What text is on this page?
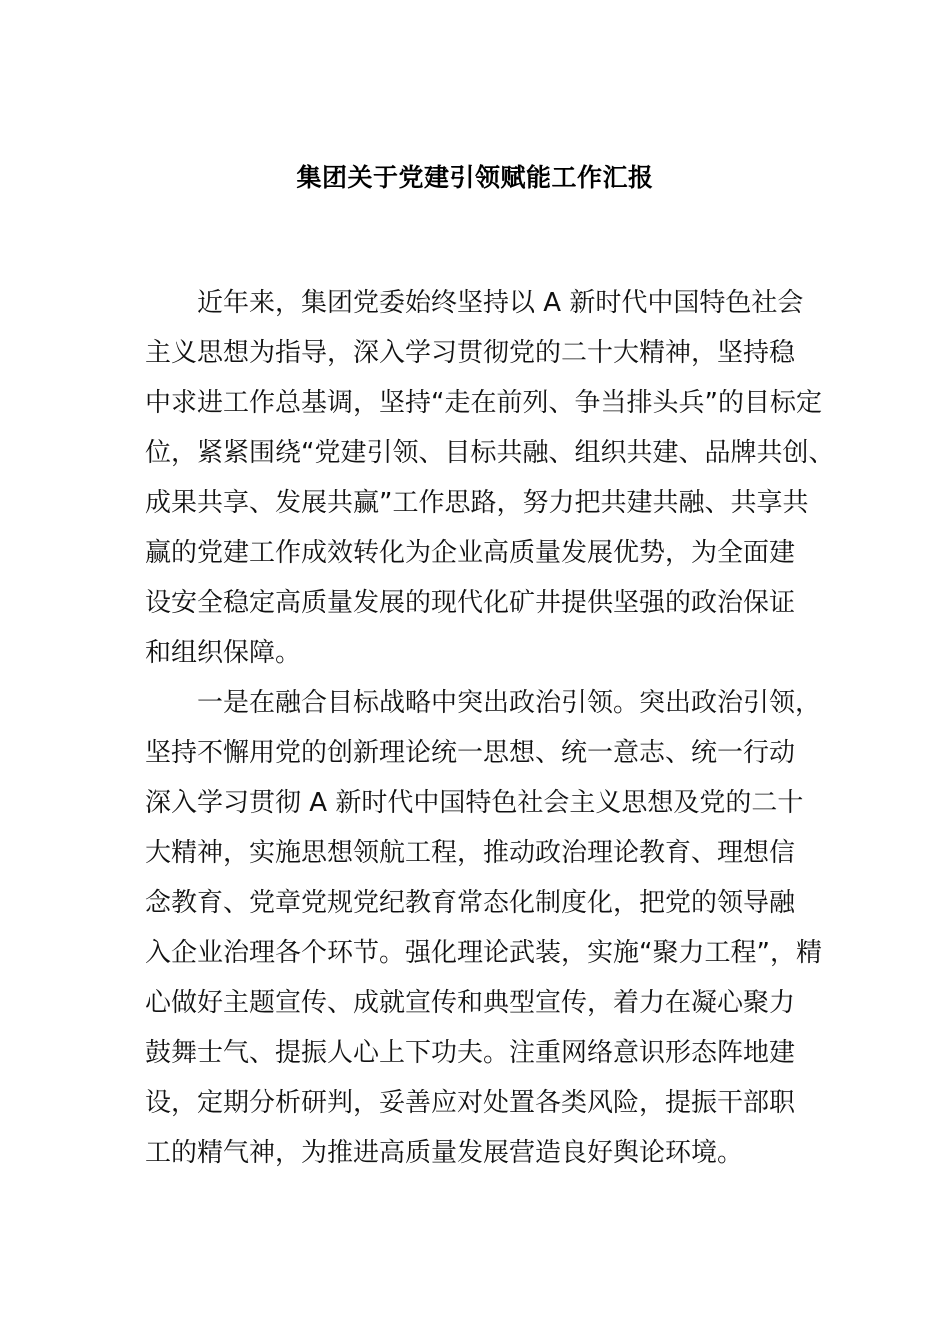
集团关于党建引领赋能工作汇报
近年来，集团党委始终坚持以 A 新时代中国特色社会
主义思想为指导，深入学习贯彻党的二十大精神，坚持稳
中求进工作总基调，坚持“走在前列、争当排头兵”的目标定
位，紧紧围绕“党建引领、目标共融、组织共建、品牌共创、
成果共享、发展共赢”工作思路，努力把共建共融、共享共
赢的党建工作成效转化为企业高质量发展优势，为全面建
设安全稳定高质量发展的现代化矿井提供坚强的政治保证
和组织保障。
一是在融合目标战略中突出政治引领。突出政治引领，
坚持不懈用党的创新理论统一思想、统一意志、统一行动
深入学习贯彻 A 新时代中国特色社会主义思想及党的二十
大精神，实施思想领航工程，推动政治理论教育、理想信
念教育、党章党规党纪教育常态化制度化，把党的领导融
入企业治理各个环节。强化理论武装，实施“聚力工程”，精
心做好主题宣传、成就宣传和典型宣传，着力在凝心聚力
鼓舞士气、提振人心上下功夫。注重网络意识形态阵地建
设，定期分析研判，妥善应对处置各类风险，提振干部职
工的精气神，为推进高质量发展营造良好舆论环境。
